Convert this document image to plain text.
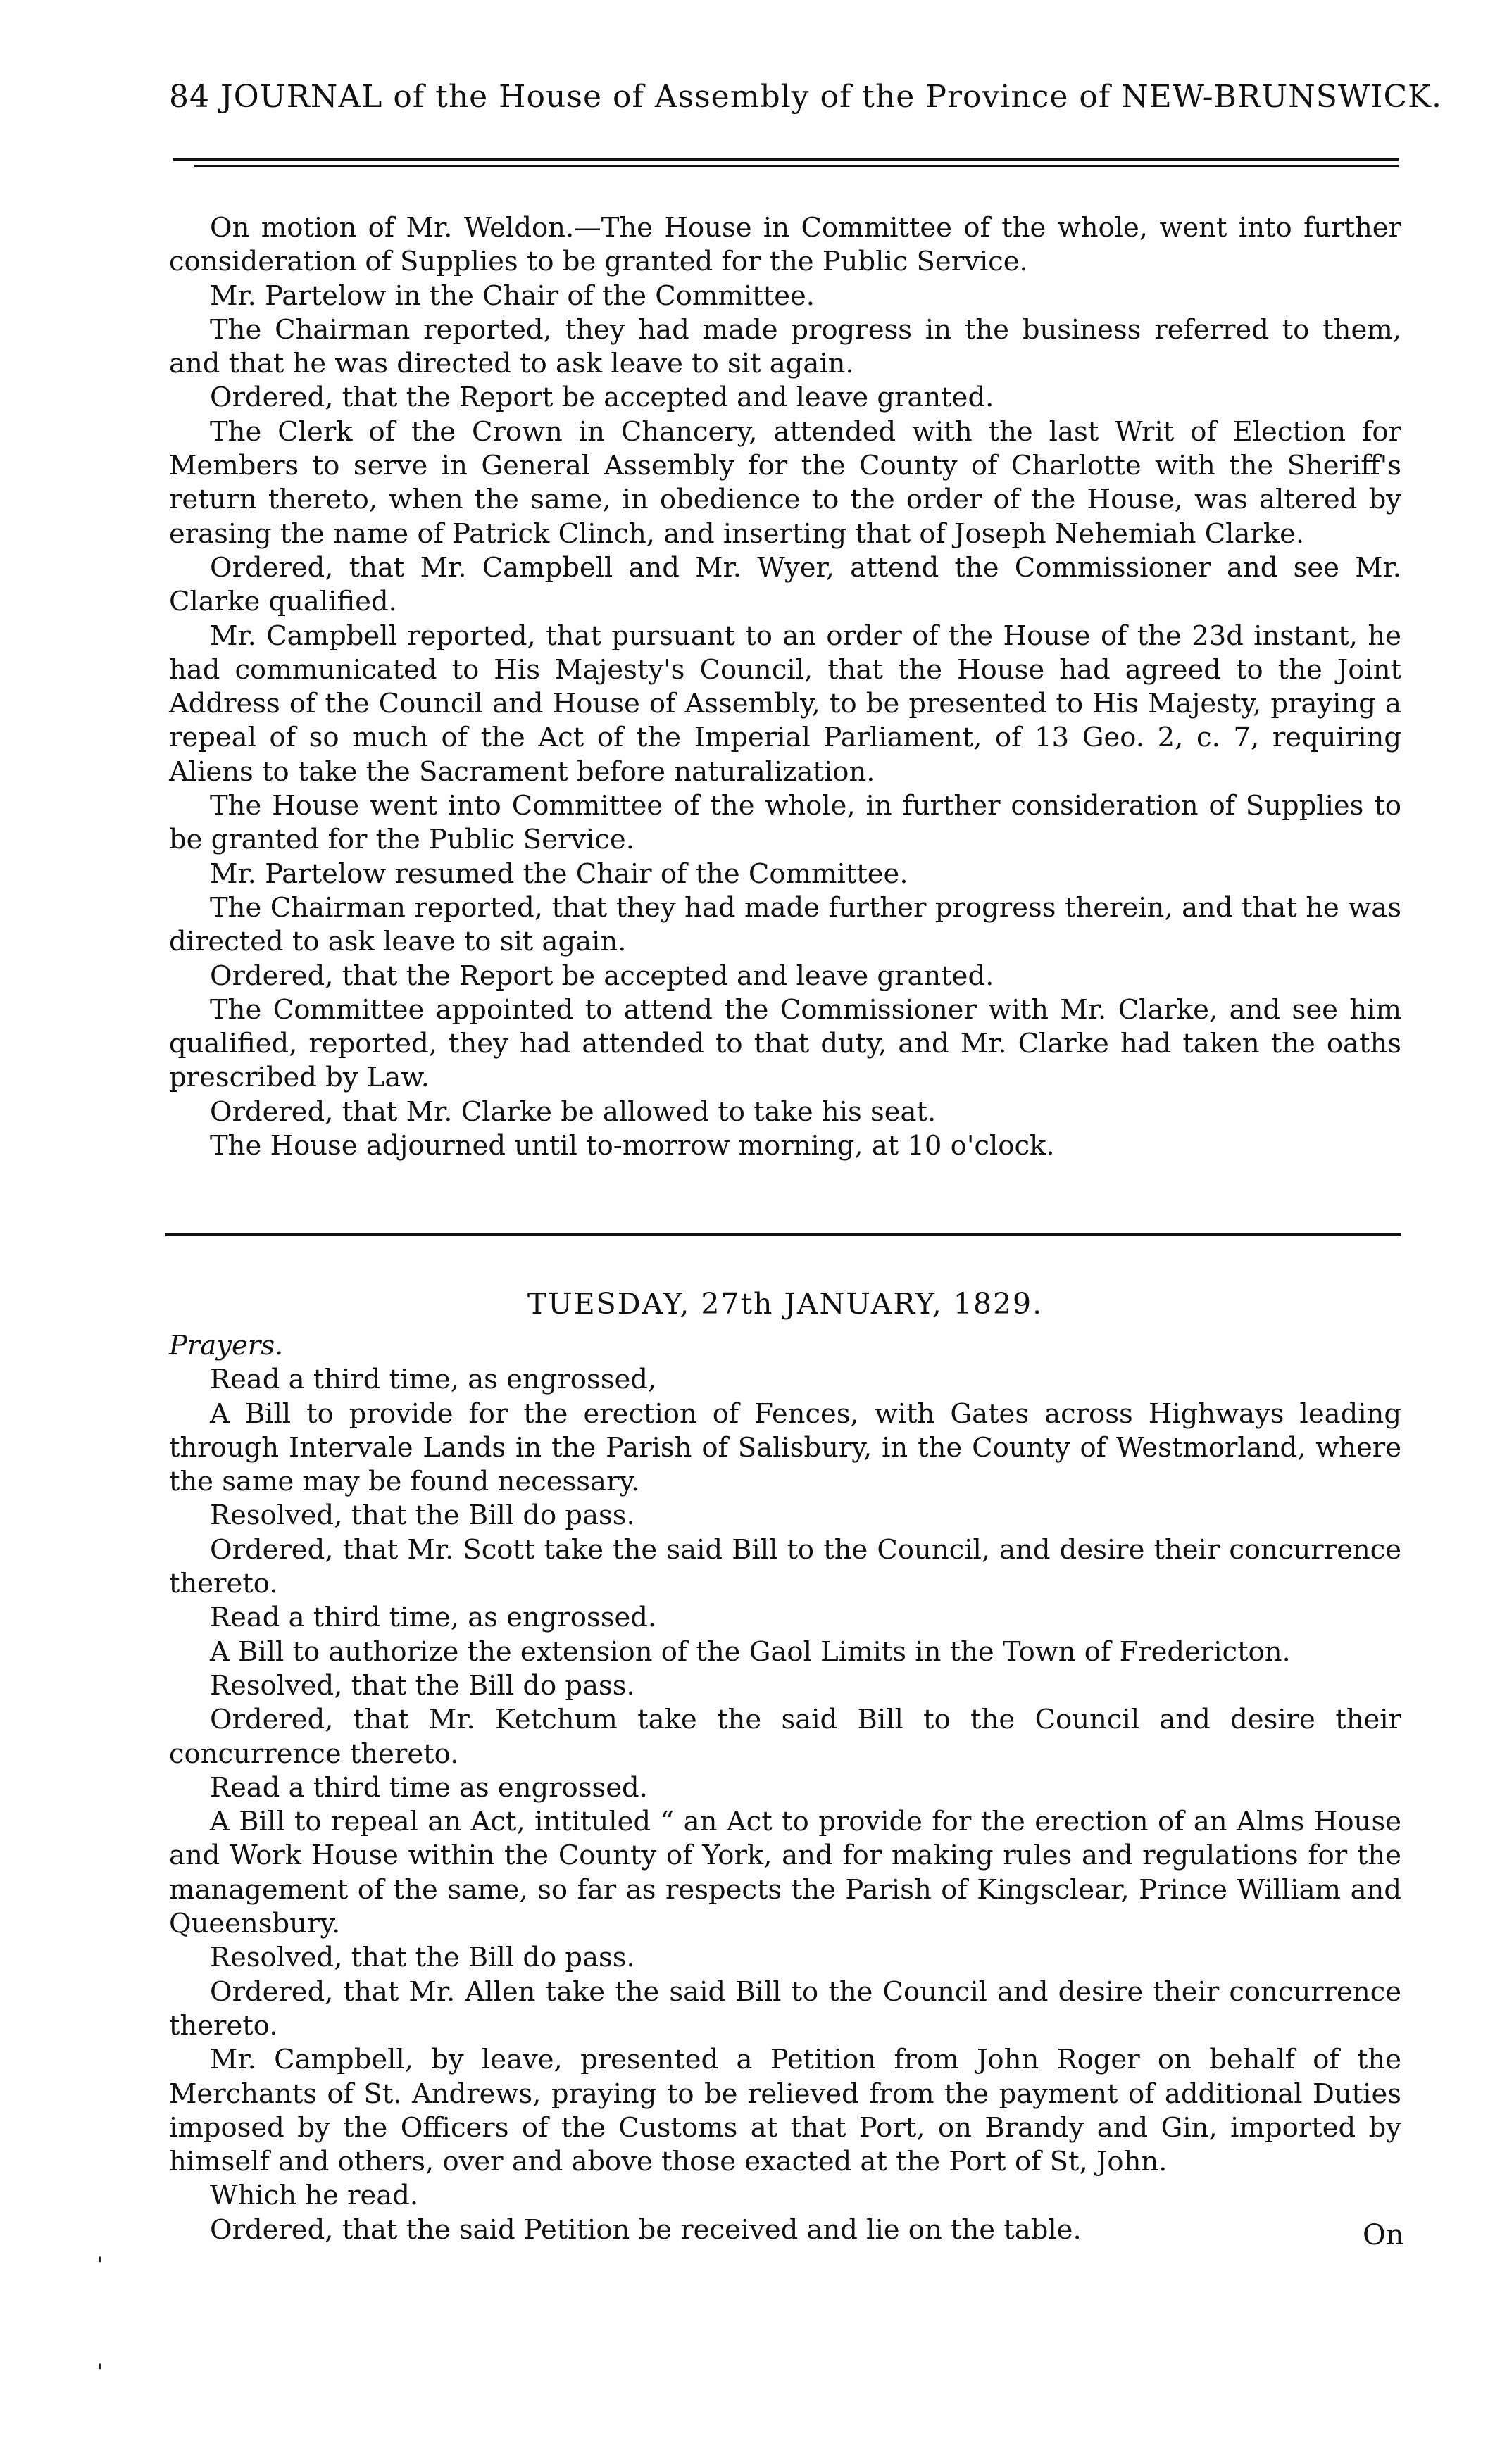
84 JOURNAL of the House of Assembly of the Province of NEW-BRUNSWICK.

On motion of Mr. Weldon.—The House in Committee of the whole, went into further consideration of Supplies to be granted for the Public Service.

Mr. Partelow in the Chair of the Committee.

The Chairman reported, they had made progress in the business referred to them, and that he was directed to ask leave to sit again.

Ordered, that the Report be accepted and leave granted.

The Clerk of the Crown in Chancery, attended with the last Writ of Election for Members to serve in General Assembly for the County of Charlotte with the Sheriff's return thereto, when the same, in obedience to the order of the House, was altered by erasing the name of Patrick Clinch, and inserting that of Joseph Nehemiah Clarke.

Ordered, that Mr. Campbell and Mr. Wyer, attend the Commissioner and see Mr. Clarke qualified.

Mr. Campbell reported, that pursuant to an order of the House of the 23d instant, he had communicated to His Majesty's Council, that the House had agreed to the Joint Address of the Council and House of Assembly, to be presented to His Majesty, praying a repeal of so much of the Act of the Imperial Parliament, of 13 Geo. 2, c. 7, requiring Aliens to take the Sacrament before naturalization.

The House went into Committee of the whole, in further consideration of Supplies to be granted for the Public Service.

Mr. Partelow resumed the Chair of the Committee.

The Chairman reported, that they had made further progress therein, and that he was directed to ask leave to sit again.

Ordered, that the Report be accepted and leave granted.

The Committee appointed to attend the Commissioner with Mr. Clarke, and see him qualified, reported, they had attended to that duty, and Mr. Clarke had taken the oaths prescribed by Law.

Ordered, that Mr. Clarke be allowed to take his seat.

The House adjourned until to-morrow morning, at 10 o'clock.

TUESDAY, 27th JANUARY, 1829.

Prayers.

Read a third time, as engrossed,

A Bill to provide for the erection of Fences, with Gates across Highways leading through Intervale Lands in the Parish of Salisbury, in the County of Westmorland, where the same may be found necessary.

Resolved, that the Bill do pass.

Ordered, that Mr. Scott take the said Bill to the Council, and desire their concurrence thereto.

Read a third time, as engrossed.

A Bill to authorize the extension of the Gaol Limits in the Town of Fredericton.

Resolved, that the Bill do pass.

Ordered, that Mr. Ketchum take the said Bill to the Council and desire their concurrence thereto.

Read a third time as engrossed.

A Bill to repeal an Act, intituled “ an Act to provide for the erection of an Alms House and Work House within the County of York, and for making rules and regulations for the management of the same, so far as respects the Parish of Kingsclear, Prince William and Queensbury.

Resolved, that the Bill do pass.

Ordered, that Mr. Allen take the said Bill to the Council and desire their concurrence thereto.

Mr. Campbell, by leave, presented a Petition from John Roger on behalf of the Merchants of St. Andrews, praying to be relieved from the payment of additional Duties imposed by the Officers of the Customs at that Port, on Brandy and Gin, imported by himself and others, over and above those exacted at the Port of St, John.

Which he read.

Ordered, that the said Petition be received and lie on the table.	On
'
'
